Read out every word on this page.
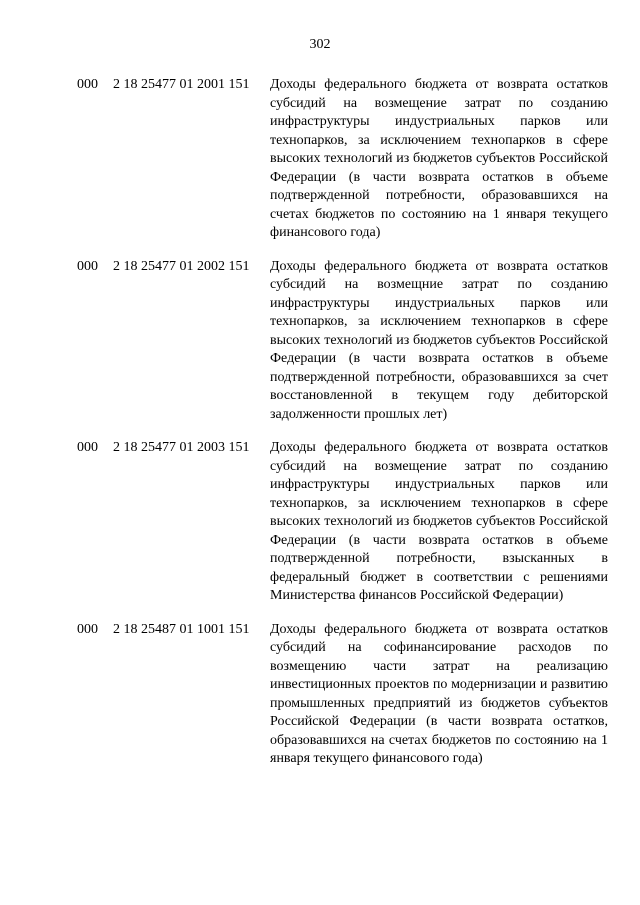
302
000 2 18 25477 01 2001 151 Доходы федерального бюджета от возврата остатков субсидий на возмещение затрат по созданию инфраструктуры индустриальных парков или технопарков, за исключением технопарков в сфере высоких технологий из бюджетов субъектов Российской Федерации (в части возврата остатков в объеме подтвержденной потребности, образовавшихся на счетах бюджетов по состоянию на 1 января текущего финансового года)
000 2 18 25477 01 2002 151 Доходы федерального бюджета от возврата остатков субсидий на возмещние затрат по созданию инфраструктуры индустриальных парков или технопарков, за исключением технопарков в сфере высоких технологий из бюджетов субъектов Российской Федерации (в части возврата остатков в объеме подтвержденной потребности, образовавшихся за счет восстановленной в текущем году дебиторской задолженности прошлых лет)
000 2 18 25477 01 2003 151 Доходы федерального бюджета от возврата остатков субсидий на возмещение затрат по созданию инфраструктуры индустриальных парков или технопарков, за исключением технопарков в сфере высоких технологий из бюджетов субъектов Российской Федерации (в части возврата остатков в объеме подтвержденной потребности, взысканных в федеральный бюджет в соответствии с решениями Министерства финансов Российской Федерации)
000 2 18 25487 01 1001 151 Доходы федерального бюджета от возврата остатков субсидий на софинансирование расходов по возмещению части затрат на реализацию инвестиционных проектов по модернизации и развитию промышленных предприятий из бюджетов субъектов Российской Федерации (в части возврата остатков, образовавшихся на счетах бюджетов по состоянию на 1 января текущего финансового года)
